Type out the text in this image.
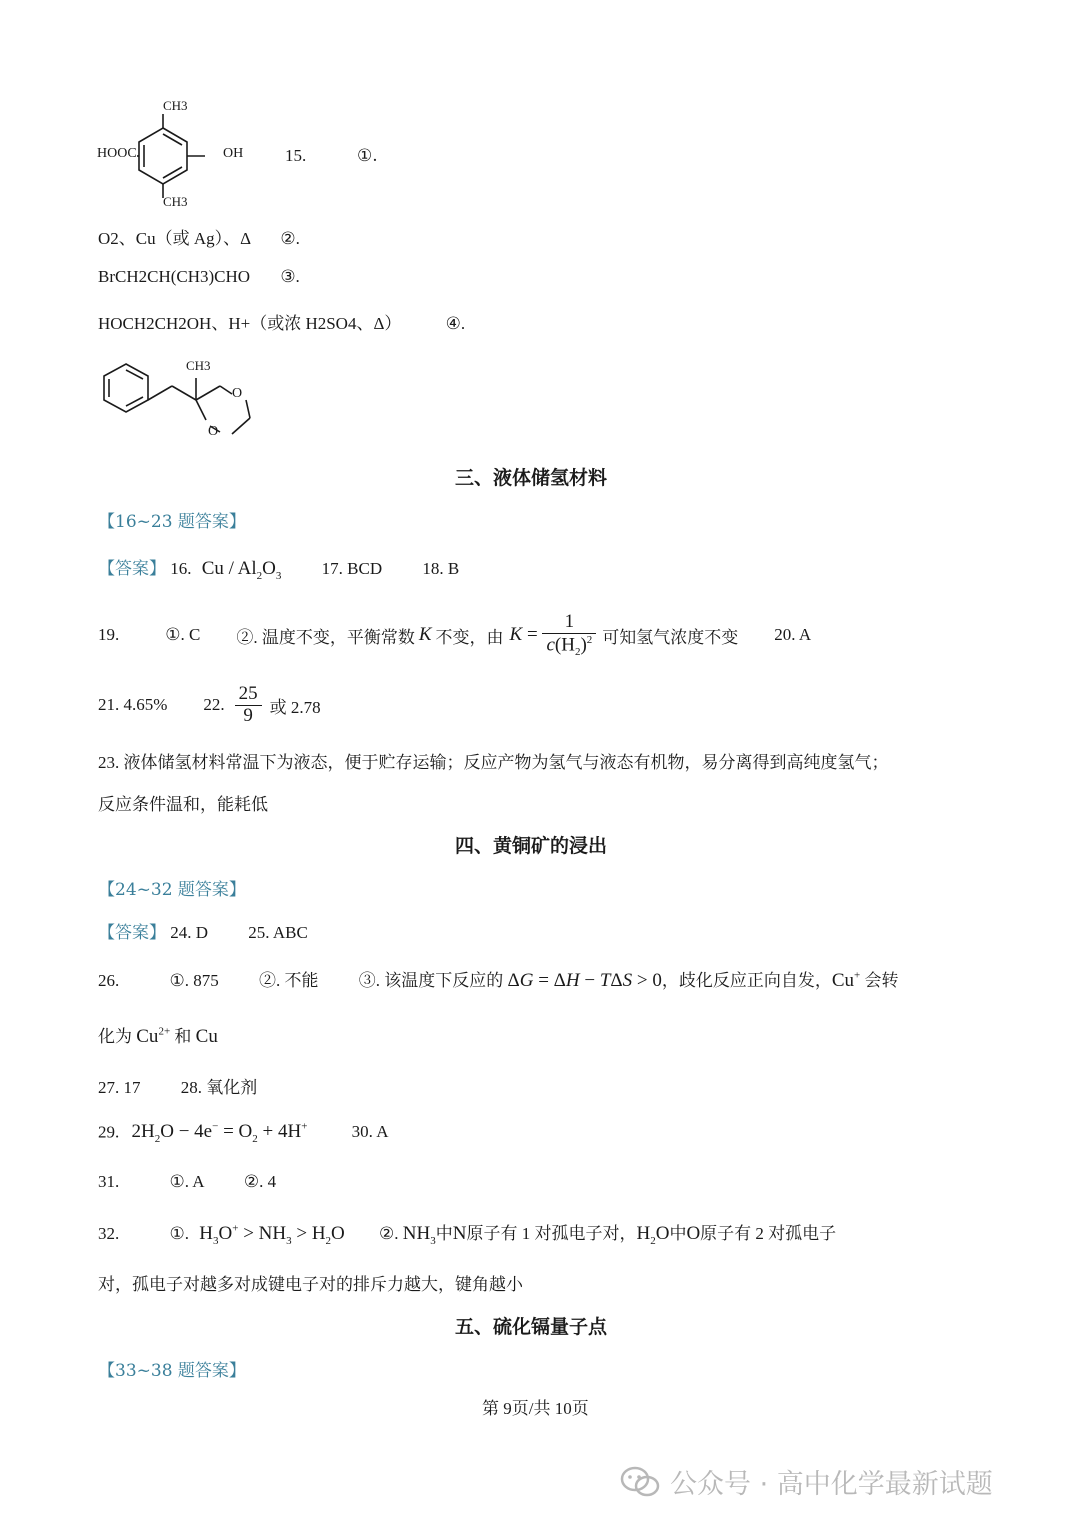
HOOC	OH
CH3
CH3
15.	①.
O2、Cu（或 Ag）、Δ ②.
BrCH2CH(CH3)CHO ③.
HOCH2CH2OH、H+（或浓 H2SO4、Δ）	④.
CH3
O
O
三、液体储氢材料
【16~23 题答案】
【答案】 16. Cu / $Al_2O_3$ 17. BCD 18. B
19.	①. C ②. 温度不变，平衡常数 K 不变，由 $K = \frac{1}{c(H_2)^2}$ 可知氢气浓度不变 20. A
21. 4.65% 22. $\frac{25}{9}$ 或 2.78
23. 液体储氢材料常温下为液态，便于贮存运输；反应产物为氢气与液态有机物，易分离得到高纯度氢气；
反应条件温和，能耗低
四、黄铜矿的浸出
【24~32 题答案】
【答案】 24. D 25. ABC
26.	①. 875 ②. 不能 ③. 该温度下反应的 ΔG = ΔH − TΔS > 0，歧化反应正向自发，Cu+ 会转
化为 $Cu^{2+}$ 和 Cu
27. 17 28. 氧化剂
29. $2H_2O - 4e^- = O_2 + 4H^+$	30. A
31.	①. A ②. 4
32.	①. $H_3O^+ > NH_3 > H_2O$ ②. $NH_3$中N原子有 1 对孤电子对，$H_2O$中O原子有 2 对孤电子
对，孤电子对越多对成键电子对的排斥力越大，键角越小
五、硫化镉量子点
【33~38 题答案】
第 9页/共 10页
公众号 · 高中化学最新试题
